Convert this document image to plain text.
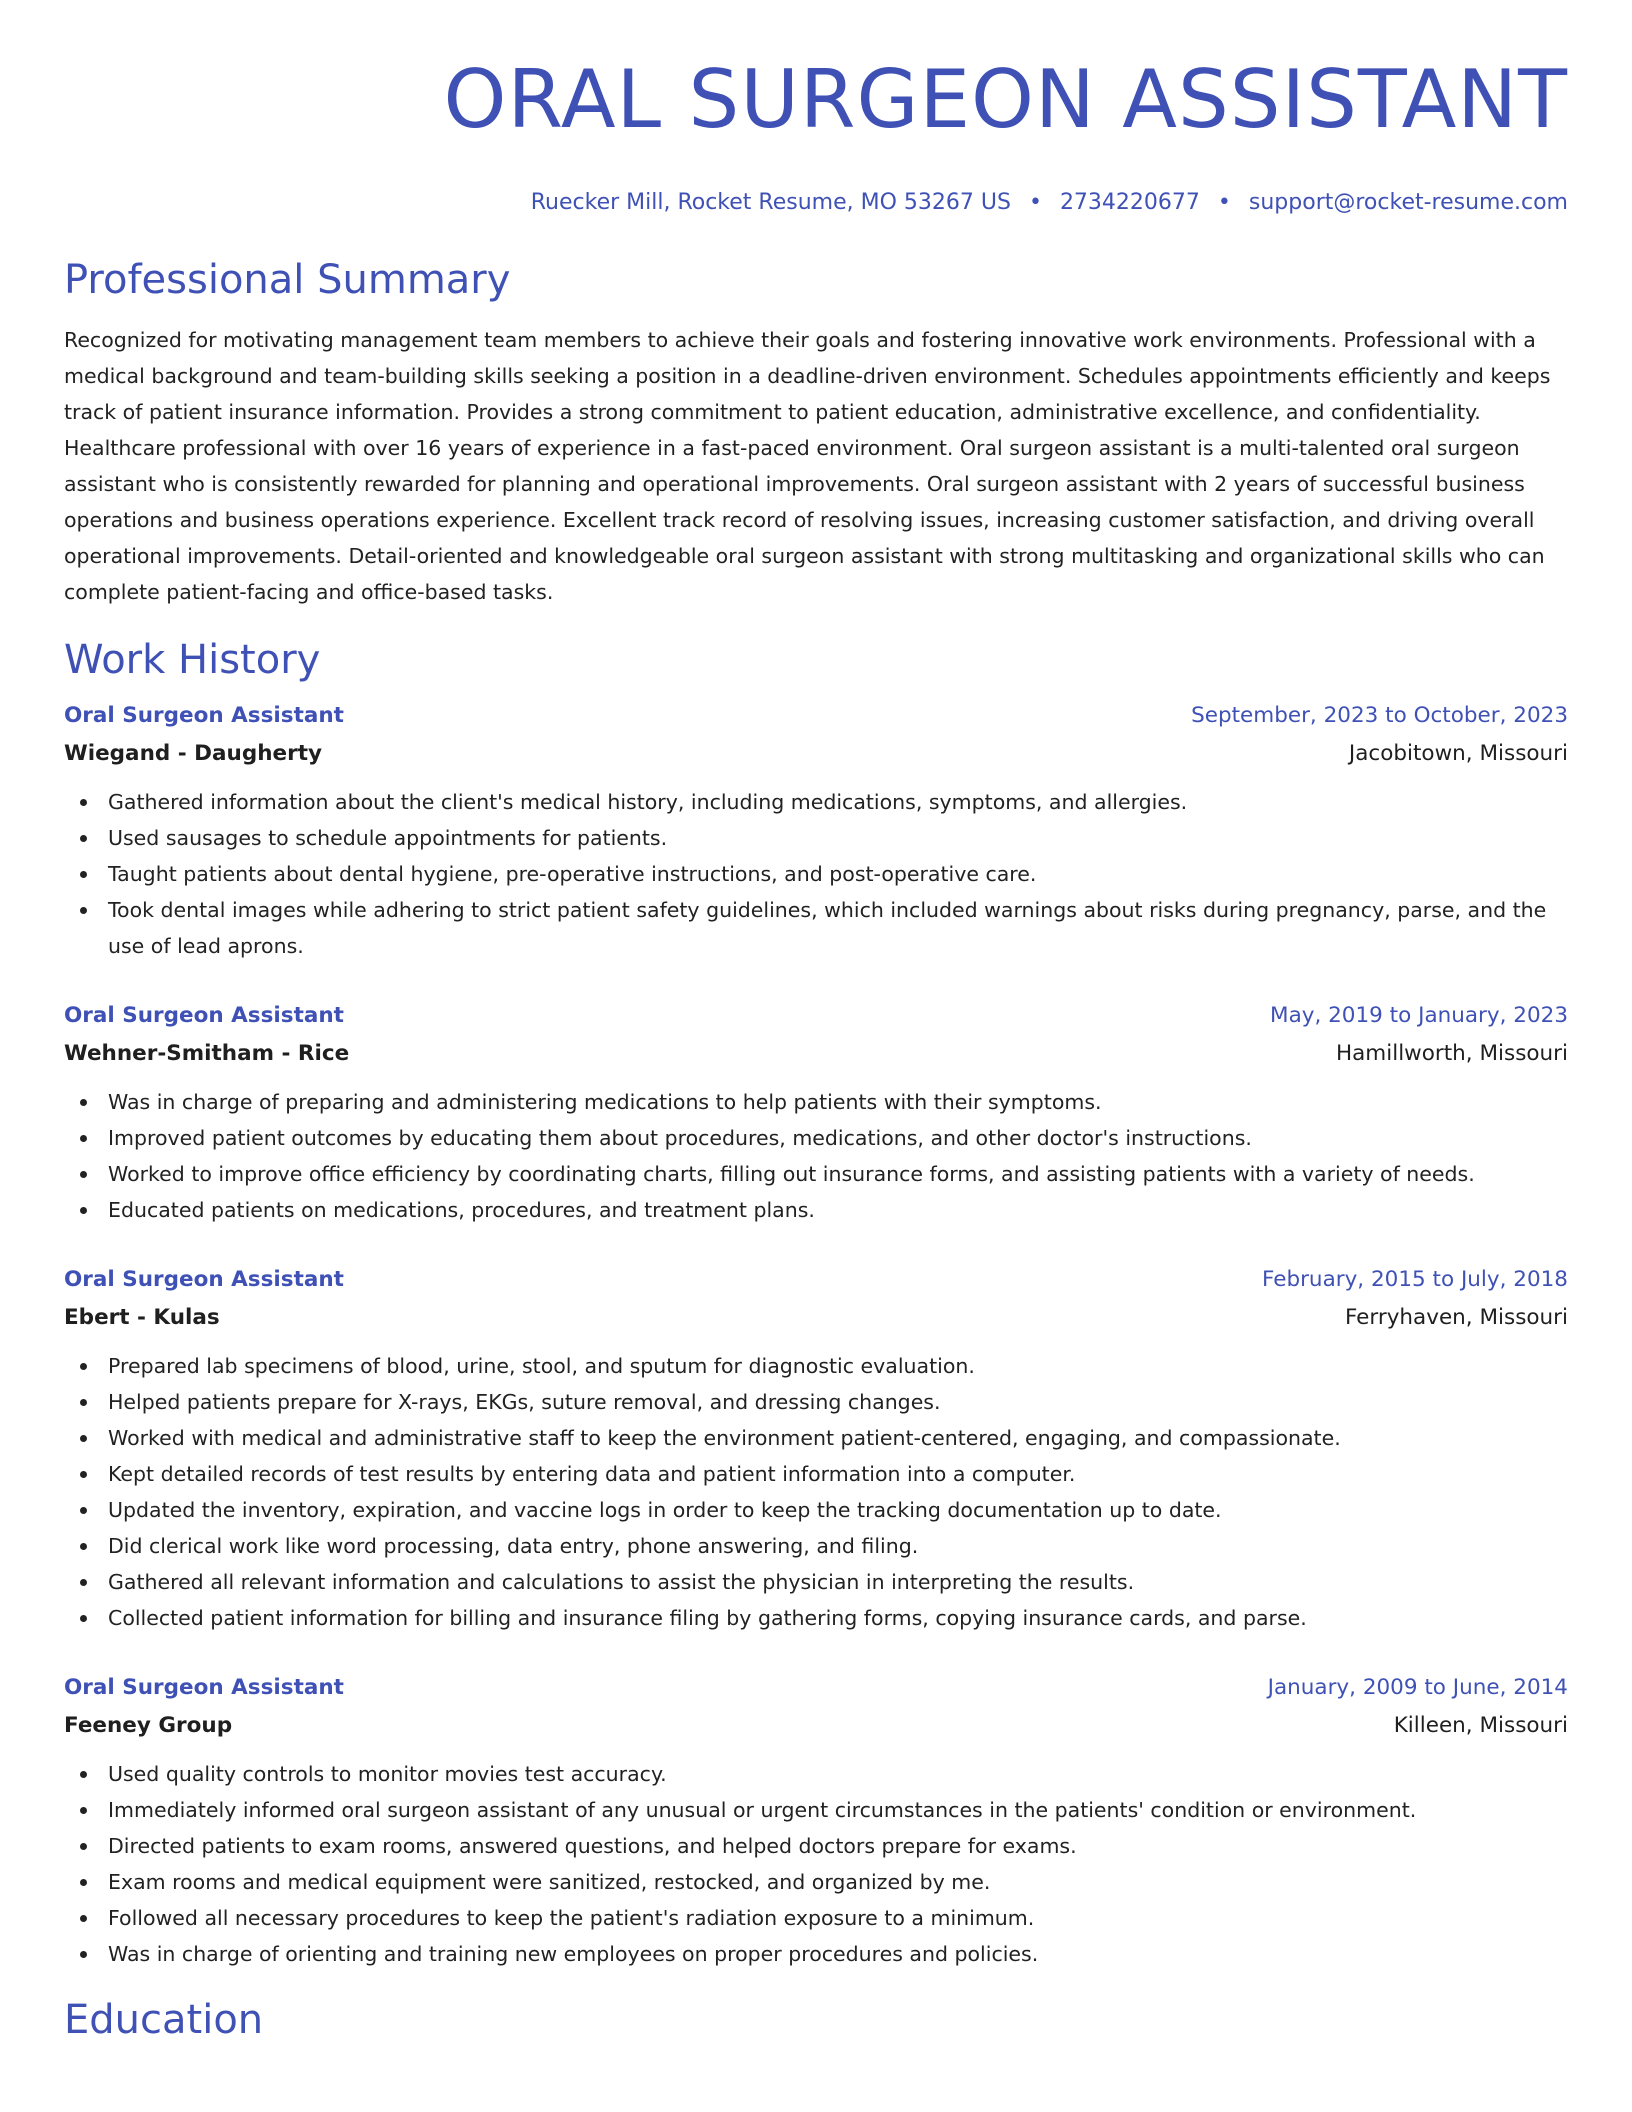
ORAL SURGEON ASSISTANT
Ruecker Mill, Rocket Resume, MO 53267 US • 2734220677 • support@rocket-resume.com
Professional Summary
Recognized for motivating management team members to achieve their goals and fostering innovative work environments. Professional with a medical background and team-building skills seeking a position in a deadline-driven environment. Schedules appointments efficiently and keeps track of patient insurance information. Provides a strong commitment to patient education, administrative excellence, and confidentiality. Healthcare professional with over 16 years of experience in a fast-paced environment. Oral surgeon assistant is a multi-talented oral surgeon assistant who is consistently rewarded for planning and operational improvements. Oral surgeon assistant with 2 years of successful business operations and business operations experience. Excellent track record of resolving issues, increasing customer satisfaction, and driving overall operational improvements. Detail-oriented and knowledgeable oral surgeon assistant with strong multitasking and organizational skills who can complete patient-facing and office-based tasks.
Work History
Oral Surgeon Assistant	September, 2023 to October, 2023
Wiegand - Daugherty	Jacobitown, Missouri
Gathered information about the client's medical history, including medications, symptoms, and allergies.
Used sausages to schedule appointments for patients.
Taught patients about dental hygiene, pre-operative instructions, and post-operative care.
Took dental images while adhering to strict patient safety guidelines, which included warnings about risks during pregnancy, parse, and the use of lead aprons.
Oral Surgeon Assistant	May, 2019 to January, 2023
Wehner-Smitham - Rice	Hamillworth, Missouri
Was in charge of preparing and administering medications to help patients with their symptoms.
Improved patient outcomes by educating them about procedures, medications, and other doctor's instructions.
Worked to improve office efficiency by coordinating charts, filling out insurance forms, and assisting patients with a variety of needs.
Educated patients on medications, procedures, and treatment plans.
Oral Surgeon Assistant	February, 2015 to July, 2018
Ebert - Kulas	Ferryhaven, Missouri
Prepared lab specimens of blood, urine, stool, and sputum for diagnostic evaluation.
Helped patients prepare for X-rays, EKGs, suture removal, and dressing changes.
Worked with medical and administrative staff to keep the environment patient-centered, engaging, and compassionate.
Kept detailed records of test results by entering data and patient information into a computer.
Updated the inventory, expiration, and vaccine logs in order to keep the tracking documentation up to date.
Did clerical work like word processing, data entry, phone answering, and filing.
Gathered all relevant information and calculations to assist the physician in interpreting the results.
Collected patient information for billing and insurance filing by gathering forms, copying insurance cards, and parse.
Oral Surgeon Assistant	January, 2009 to June, 2014
Feeney Group	Killeen, Missouri
Used quality controls to monitor movies test accuracy.
Immediately informed oral surgeon assistant of any unusual or urgent circumstances in the patients' condition or environment.
Directed patients to exam rooms, answered questions, and helped doctors prepare for exams.
Exam rooms and medical equipment were sanitized, restocked, and organized by me.
Followed all necessary procedures to keep the patient's radiation exposure to a minimum.
Was in charge of orienting and training new employees on proper procedures and policies.
Education
